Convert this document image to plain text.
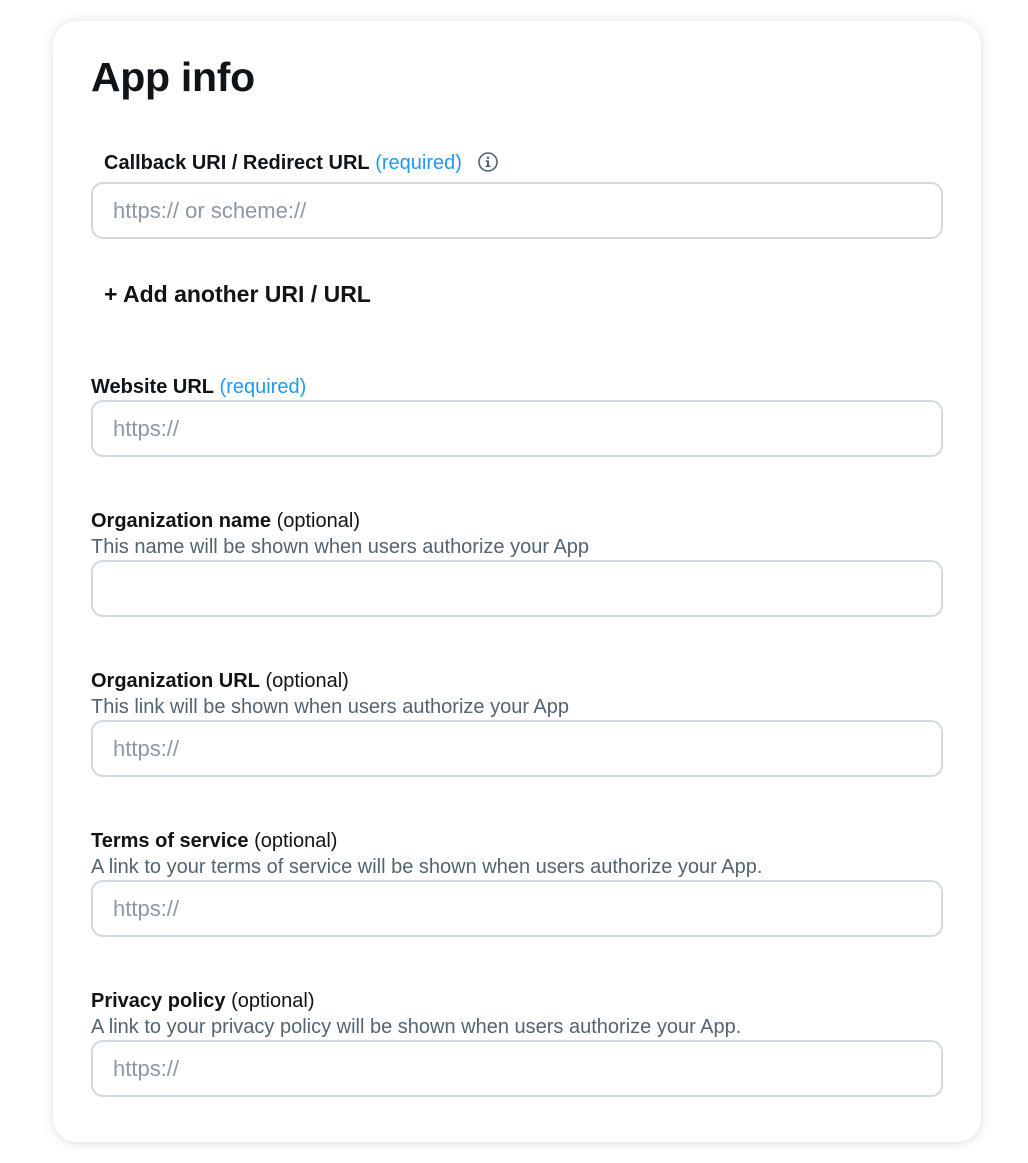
App info
Callback URI / Redirect URL (required)
https:// or scheme://
+ Add another URI / URL
Website URL (required)
https://
Organization name (optional)
This name will be shown when users authorize your App
Organization URL (optional)
This link will be shown when users authorize your App
https://
Terms of service (optional)
A link to your terms of service will be shown when users authorize your App.
https://
Privacy policy (optional)
A link to your privacy policy will be shown when users authorize your App.
https://
